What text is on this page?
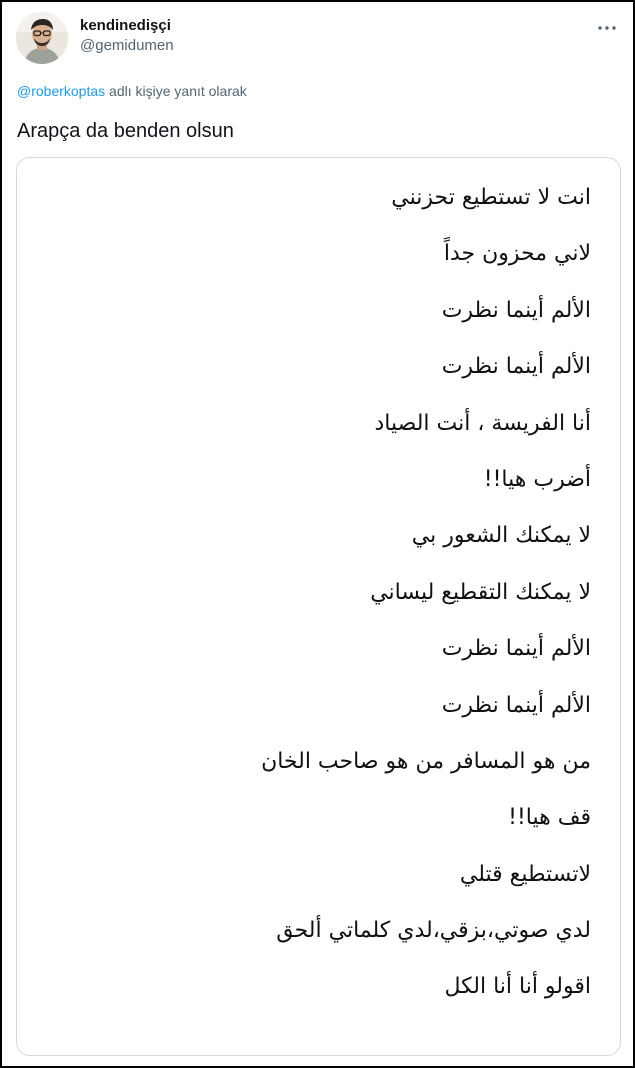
kendinedişçi
@gemidumen
@roberkoptas adlı kişiye yanıt olarak
Arapça da benden olsun
انت لا تستطيع تحزنني
لاني محزون جداً
الألم أينما نظرت
الألم أينما نظرت
أنا الفريسة ، أنت الصياد
أضرب هيا!!
لا يمكنك الشعور بي
لا يمكنك التقطيع ليساني
الألم أينما نظرت
الألم أينما نظرت
من هو المسافر من هو صاحب الخان
قف هيا!!
لاتستطيع قتلي
لدي صوتي،بزقي،لدي كلماتي ألحق
اقولو أنا أنا الكل
